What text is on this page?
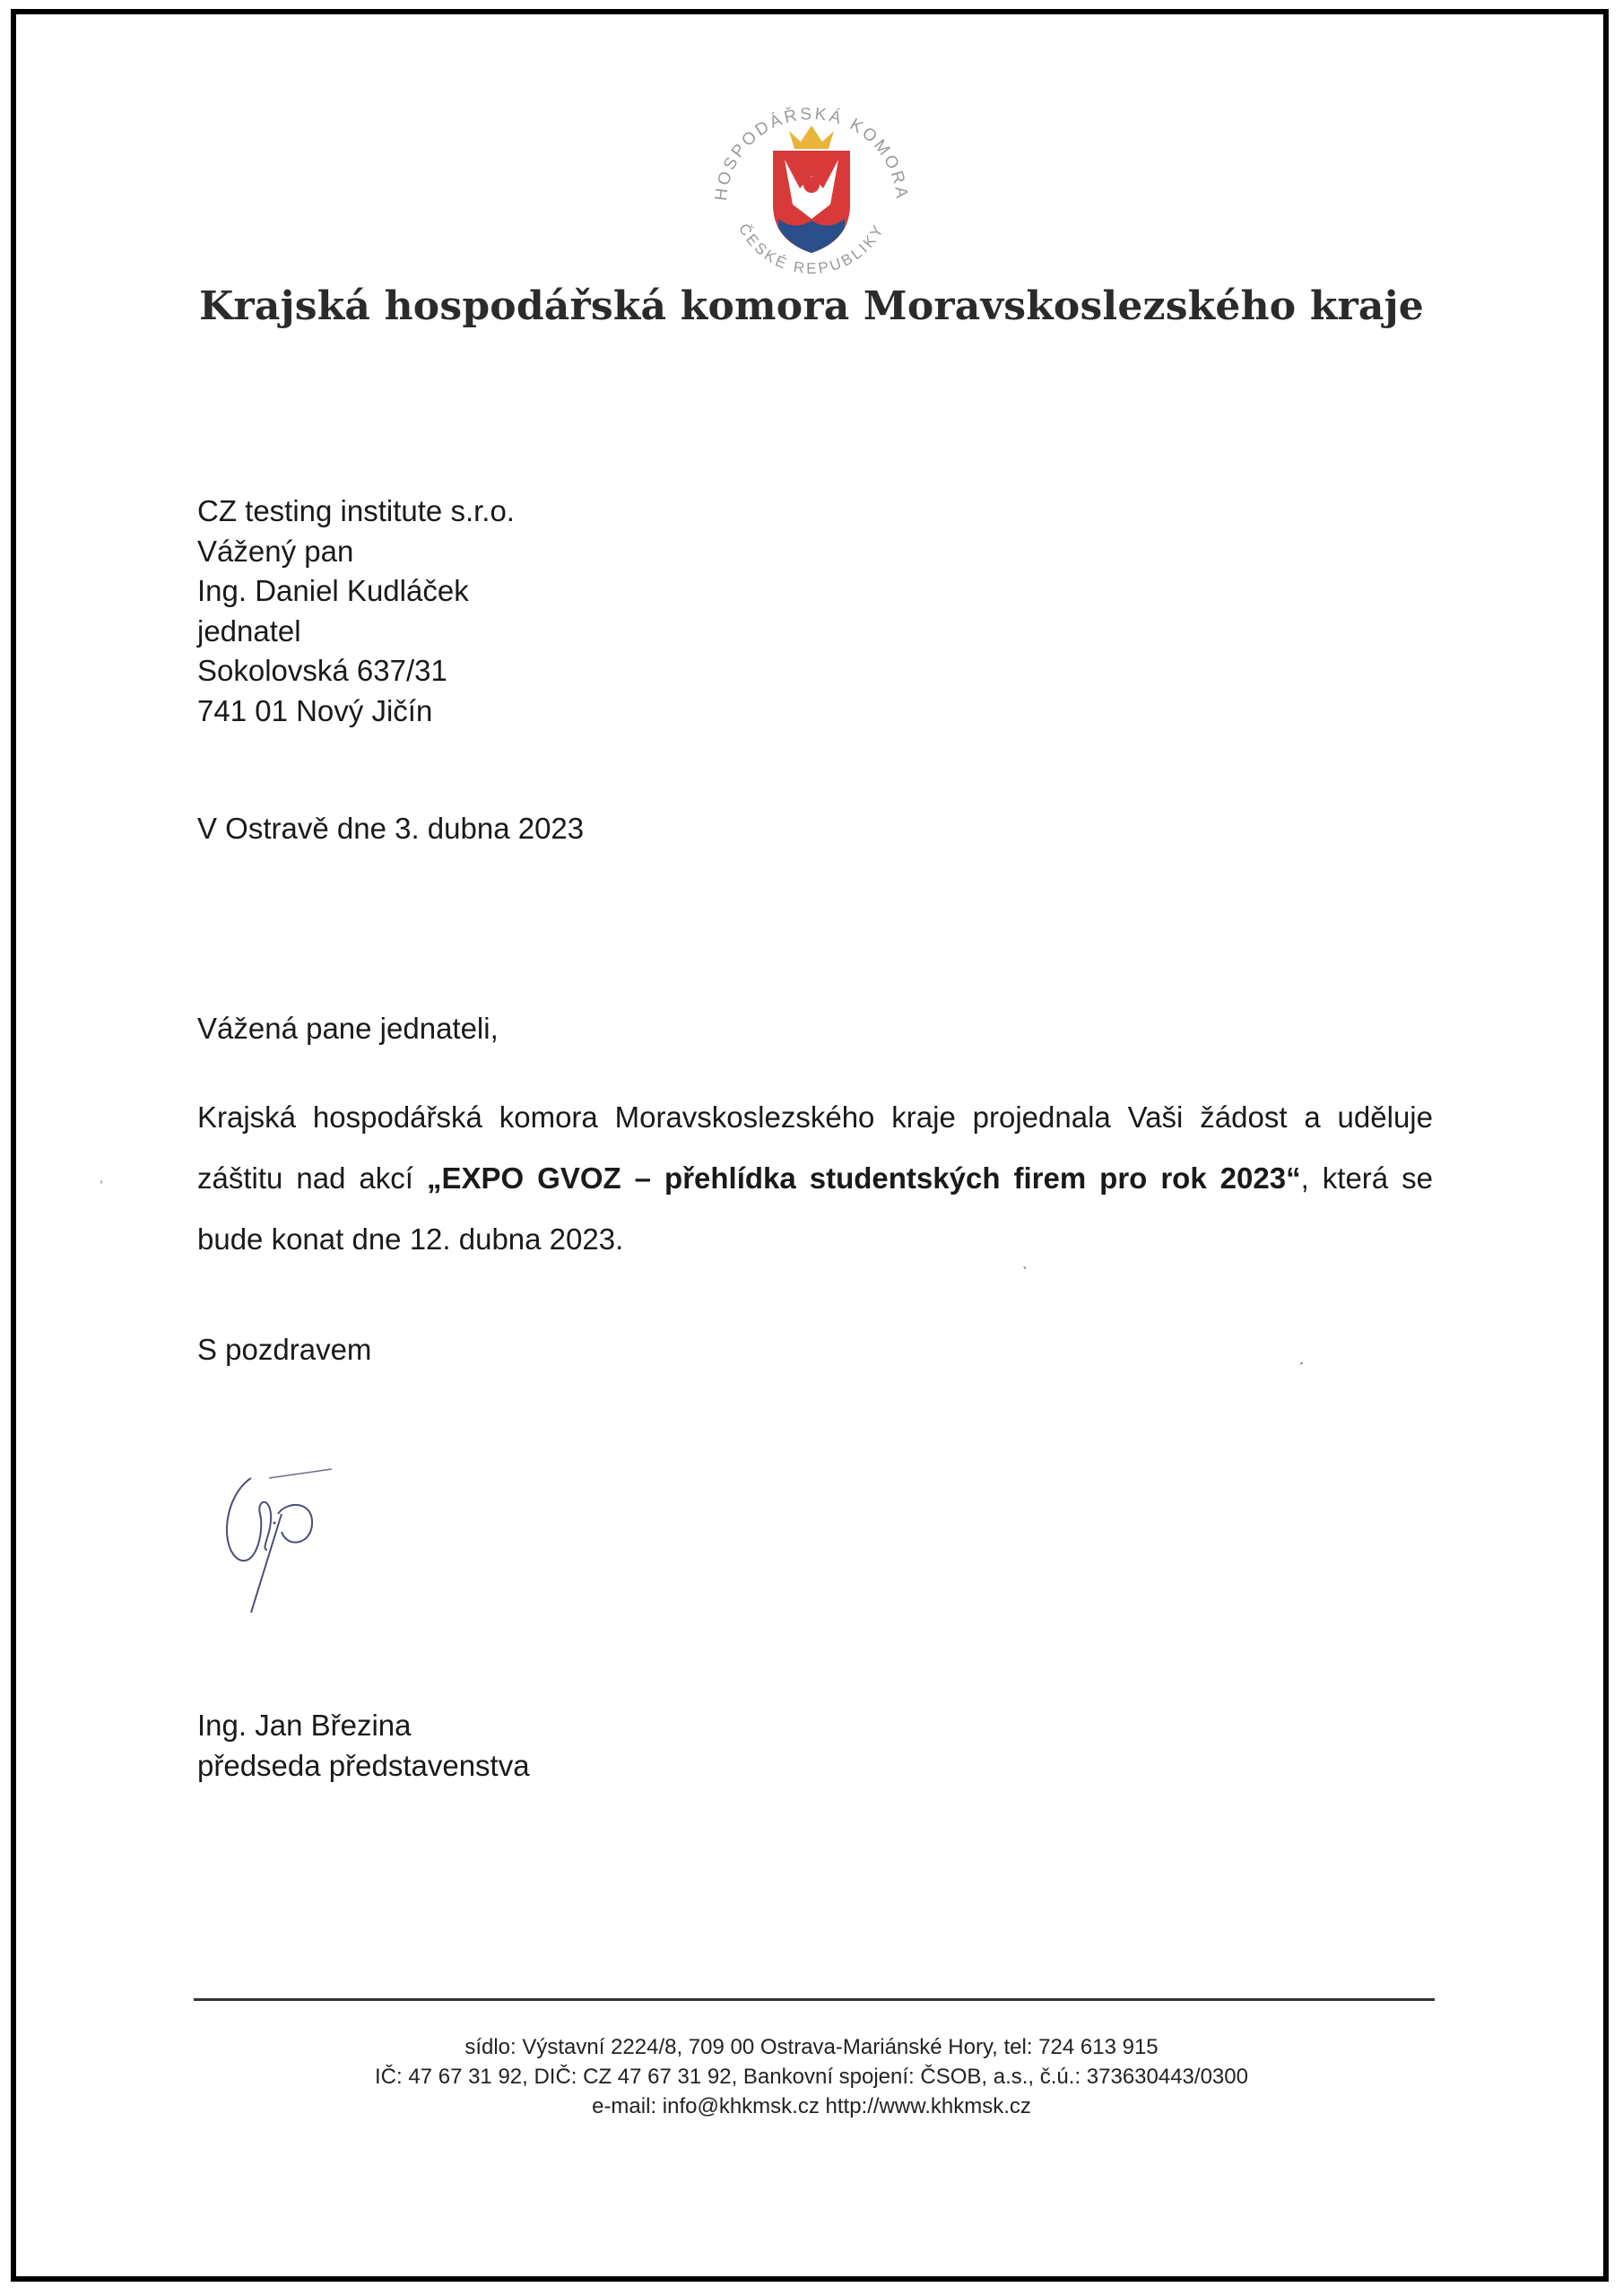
HOSPODÁŘSKÁ KOMORA
ČESKÉ REPUBLIKY
Krajská hospodářská komora Moravskoslezského kraje
CZ testing institute s.r.o.
Vážený pan
Ing. Daniel Kudláček
jednatel
Sokolovská 637/31
741 01 Nový Jičín
V Ostravě dne 3. dubna 2023
Vážená pane jednateli,
Krajská hospodářská komora Moravskoslezského kraje projednala Vaši žádost a uděluje záštitu nad akcí „EXPO GVOZ – přehlídka studentských firem pro rok 2023“, která se bude konat dne 12. dubna 2023.
S pozdravem
Ing. Jan Březina
předseda představenstva
sídlo: Výstavní 2224/8, 709 00 Ostrava-Mariánské Hory, tel: 724 613 915
IČ: 47 67 31 92, DIČ: CZ 47 67 31 92, Bankovní spojení: ČSOB, a.s., č.ú.: 373630443/0300
e-mail: info@khkmsk.cz http://www.khkmsk.cz
ˌ
ˋ
ˏ
